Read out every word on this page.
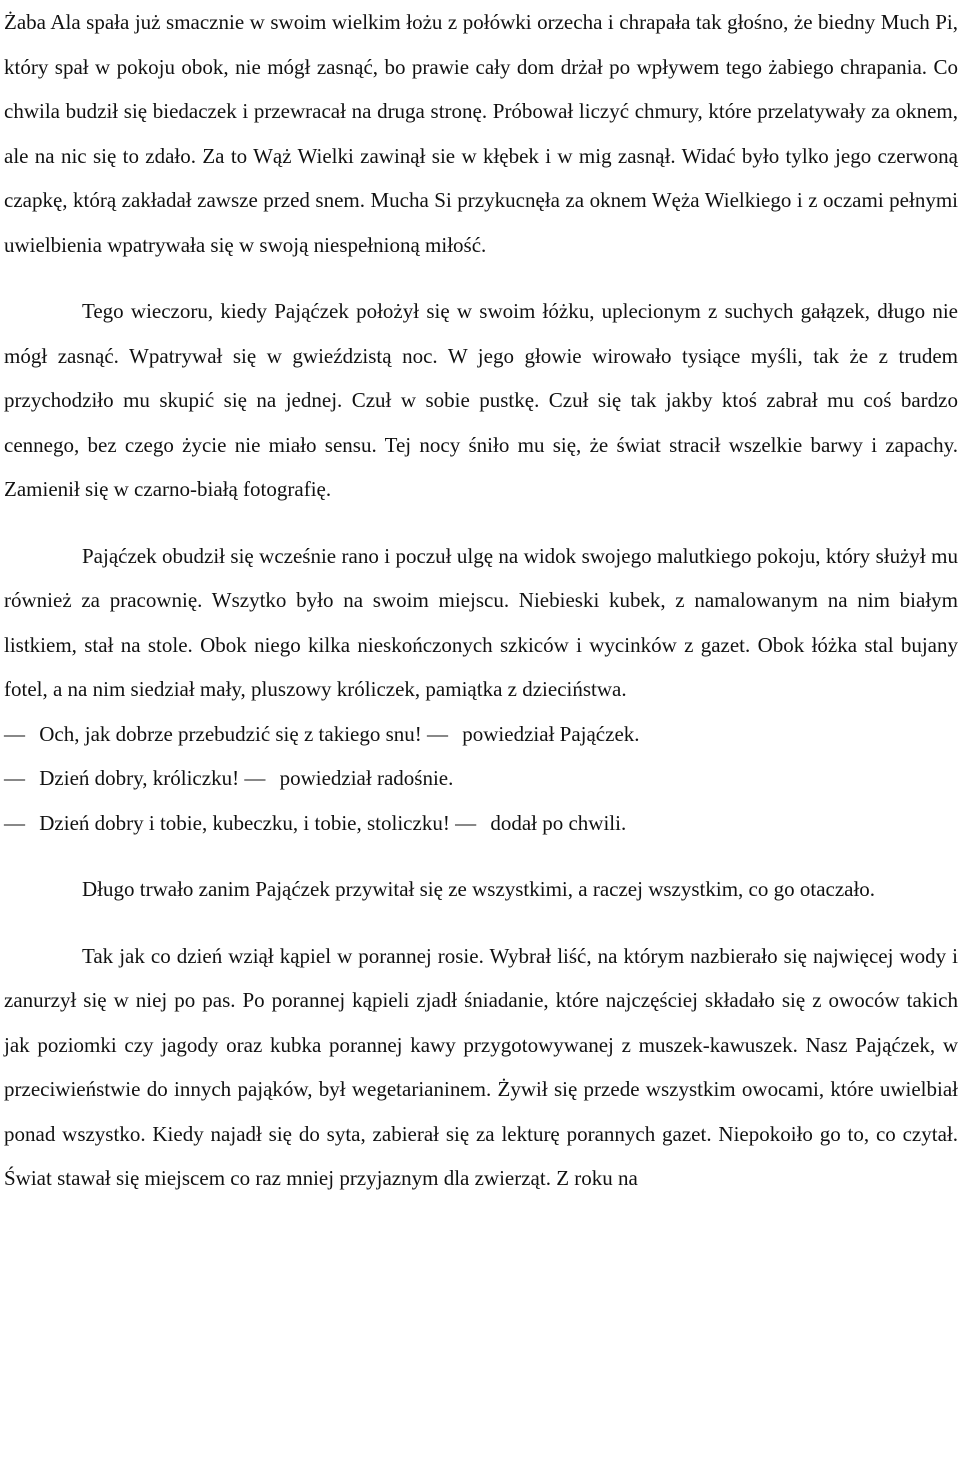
Żaba Ala spała już smacznie w swoim wielkim łożu z połówki orzecha i chrapała tak głośno, że biedny Much Pi, który spał w pokoju obok, nie mógł zasnąć, bo prawie cały dom drżał po wpływem tego żabiego chrapania. Co chwila budził się biedaczek i przewracał na druga stronę. Próbował liczyć chmury, które przelatywały za oknem, ale na nic się to zdało. Za to Wąż Wielki zawinął sie w kłębek i w mig zasnął. Widać było tylko jego czerwoną czapkę, którą zakładał zawsze przed snem. Mucha Si przykucnęła za oknem Węża Wielkiego i z oczami pełnymi uwielbienia wpatrywała się w swoją niespełnioną miłość.

Tego wieczoru, kiedy Pająćzek położył się w swoim łóżku, uplecionym z suchych gałązek, długo nie mógł zasnąć. Wpatrywał się w gwieździstą noc. W jego głowie wirowało tysiące myśli, tak że z trudem przychodziło mu skupić się na jednej. Czuł w sobie pustkę. Czuł się tak jakby ktoś zabrał mu coś bardzo cennego, bez czego życie nie miało sensu. Tej nocy śniło mu się, że świat stracił wszelkie barwy i zapachy. Zamienił się w czarno-białą fotografię.

Pająćzek obudził się wcześnie rano i poczuł ulgę na widok swojego malutkiego pokoju, który służył mu również za pracownię. Wszytko było na swoim miejscu. Niebieski kubek, z namalowanym na nim białym listkiem, stał na stole. Obok niego kilka nieskończonych szkiców i wycinków z gazet. Obok łóżka stal bujany fotel, a na nim siedział mały, pluszowy króliczek, pamiątka z dzieciństwa.

— Och, jak dobrze przebudzić się z takiego snu! — powiedział Pająćzek.

— Dzień dobry, króliczku! — powiedział radośnie.

— Dzień dobry i tobie, kubeczku, i tobie, stoliczku! — dodał po chwili.

Długo trwało zanim Pająćzek przywitał się ze wszystkimi, a raczej wszystkim, co go otaczało.

Tak jak co dzień wziął kąpiel w porannej rosie. Wybrał liść, na którym nazbierało się najwięcej wody i zanurzył się w niej po pas. Po porannej kąpieli zjadł śniadanie, które najczęściej składało się z owoców takich jak poziomki czy jagody oraz kubka porannej kawy przygotowywanej z muszek-kawuszek. Nasz Pająćzek, w przeciwieństwie do innych pająków, był wegetarianinem. Żywił się przede wszystkim owocami, które uwielbiał ponad wszystko. Kiedy najadł się do syta, zabierał się za lekturę porannych gazet. Niepokoiło go to, co czytał. Świat stawał się miejscem co raz mniej przyjaznym dla zwierząt. Z roku na
